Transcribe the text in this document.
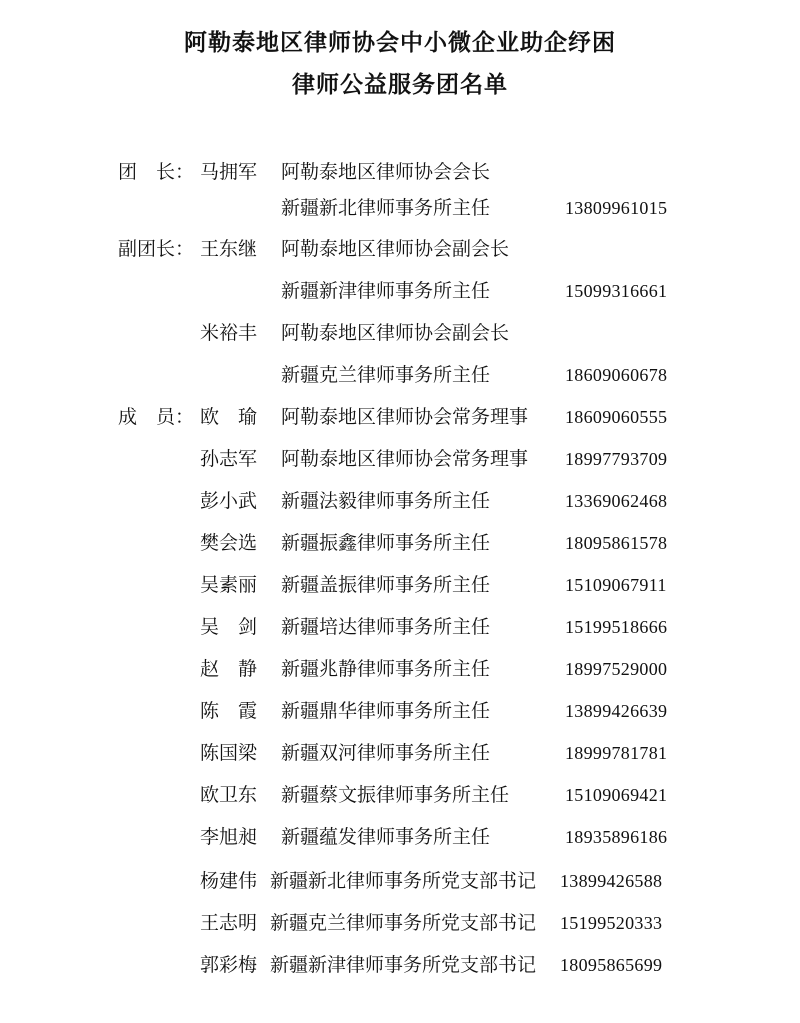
阿勒泰地区律师协会中小微企业助企纾困
律师公益服务团名单
团　长： 马拥军 阿勒泰地区律师协会会长
新疆新北律师事务所主任	13809961015
副团长： 王东继 阿勒泰地区律师协会副会长
新疆新津律师事务所主任	15099316661
米裕丰 阿勒泰地区律师协会副会长
新疆克兰律师事务所主任	18609060678
成　员： 欧　瑜 阿勒泰地区律师协会常务理事 18609060555
孙志军 阿勒泰地区律师协会常务理事 18997793709
彭小武 新疆法毅律师事务所主任	13369062468
樊会选 新疆振鑫律师事务所主任	18095861578
吴素丽 新疆盖振律师事务所主任	15109067911
吴　剑 新疆培达律师事务所主任	15199518666
赵　静 新疆兆静律师事务所主任	18997529000
陈　霞 新疆鼎华律师事务所主任	13899426639
陈国梁 新疆双河律师事务所主任	18999781781
欧卫东 新疆蔡文振律师事务所主任	15109069421
李旭昶 新疆蕴发律师事务所主任	18935896186
杨建伟 新疆新北律师事务所党支部书记 13899426588
王志明 新疆克兰律师事务所党支部书记 15199520333
郭彩梅 新疆新津律师事务所党支部书记 18095865699
